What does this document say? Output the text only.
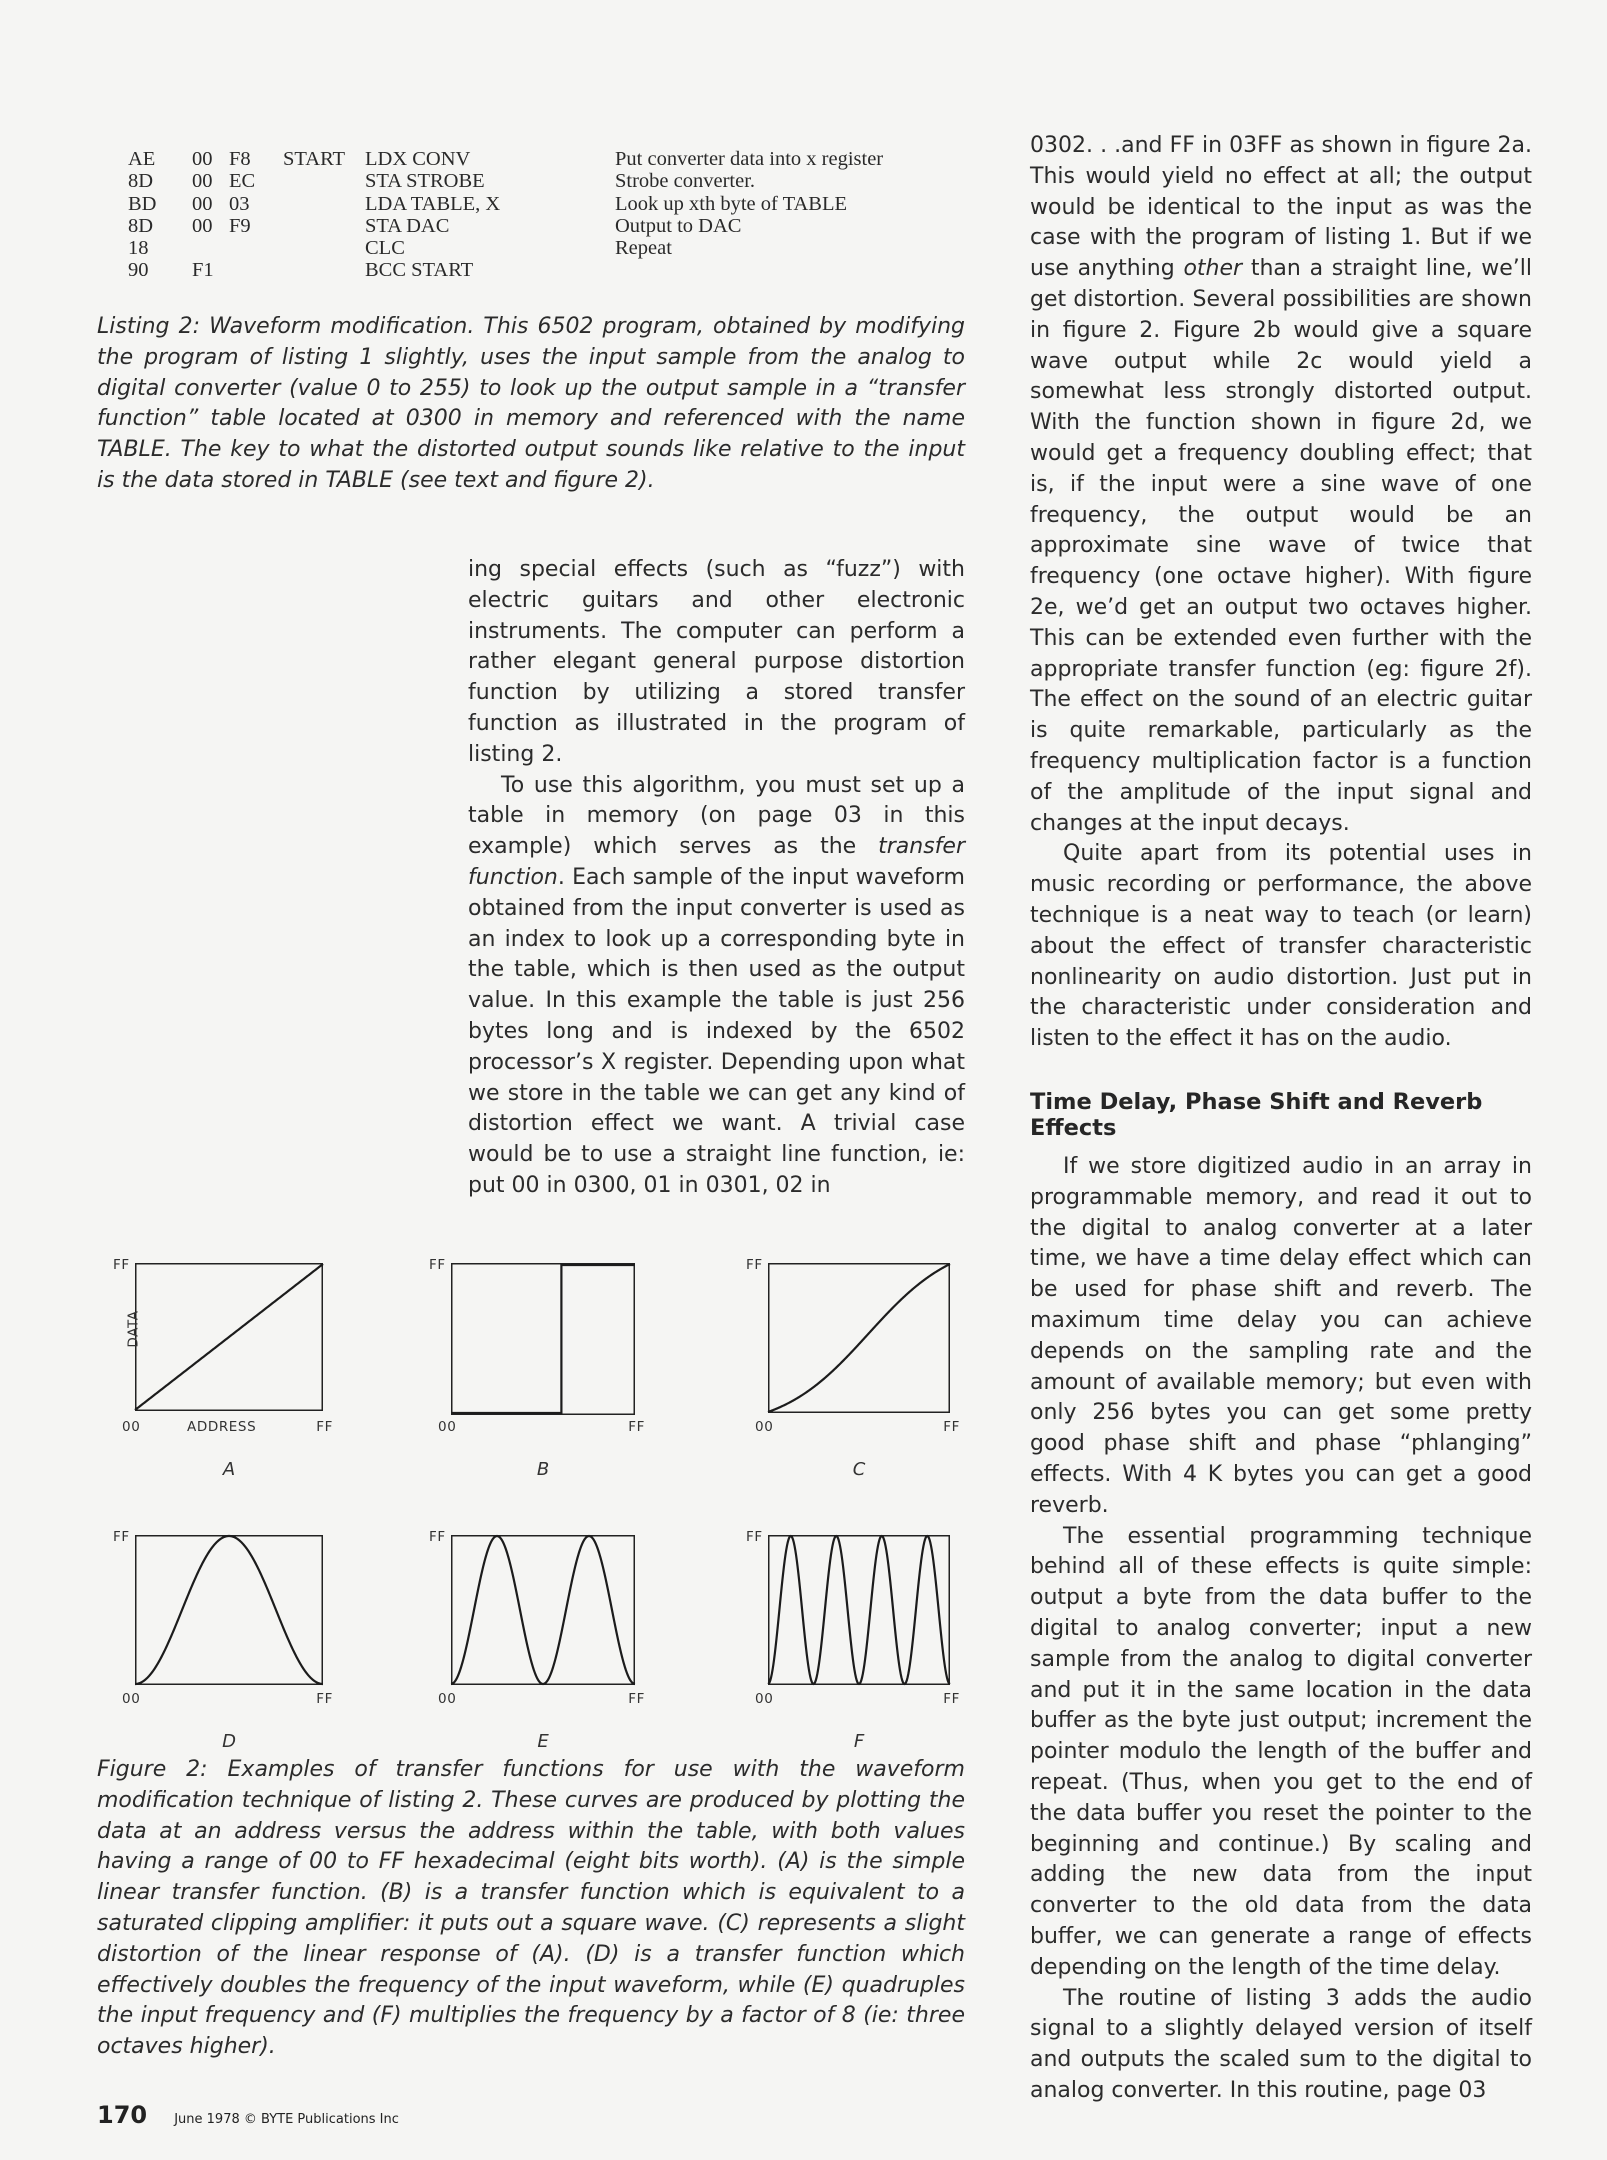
AE 00 F8 START LDX CONV	Put converter data into x register
8D 00 EC	STA STROBE	Strobe converter.
BD 00 03	LDA TABLE, X	Look up xth byte of TABLE
8D 00 F9	STA DAC	Output to DAC
18	CLC	Repeat
90 F1	BCC START

Listing 2: Waveform modification. This 6502 program, obtained by modifying the program of listing 1 slightly, uses the input sample from the analog to digital converter (value 0 to 255) to look up the output sample in a “transfer function” table located at 0300 in memory and referenced with the name TABLE. The key to what the distorted output sounds like relative to the input is the data stored in TABLE (see text and figure 2).

ing special effects (such as “fuzz”) with electric guitars and other electronic instruments. The computer can perform a rather elegant general purpose distortion function by utilizing a stored transfer function as illustrated in the program of listing 2.

To use this algorithm, you must set up a table in memory (on page 03 in this example) which serves as the transfer function. Each sample of the input waveform obtained from the input converter is used as an index to look up a corresponding byte in the table, which is then used as the output value. In this example the table is just 256 bytes long and is indexed by the 6502 processor’s X register. Depending upon what we store in the table we can get any kind of distortion effect we want. A trivial case would be to use a straight line function, ie: put 00 in 0300, 01 in 0301, 02 in

0302. . .and FF in 03FF as shown in figure 2a. This would yield no effect at all; the output would be identical to the input as was the case with the program of listing 1. But if we use anything other than a straight line, we’ll get distortion. Several possibilities are shown in figure 2. Figure 2b would give a square wave output while 2c would yield a somewhat less strongly distorted output. With the function shown in figure 2d, we would get a frequency doubling effect; that is, if the input were a sine wave of one frequency, the output would be an approximate sine wave of twice that frequency (one octave higher). With figure 2e, we’d get an output two octaves higher. This can be extended even further with the appropriate transfer function (eg: figure 2f). The effect on the sound of an electric guitar is quite remarkable, particularly as the frequency multiplication factor is a function of the amplitude of the input signal and changes at the input decays.

Quite apart from its potential uses in music recording or performance, the above technique is a neat way to teach (or learn) about the effect of transfer characteristic nonlinearity on audio distortion. Just put in the characteristic under consideration and listen to the effect it has on the audio.

Time Delay, Phase Shift and Reverb Effects

If we store digitized audio in an array in programmable memory, and read it out to the digital to analog converter at a later time, we have a time delay effect which can be used for phase shift and reverb. The maximum time delay you can achieve depends on the sampling rate and the amount of available memory; but even with only 256 bytes you can get some pretty good phase shift and phase “phlanging” effects. With 4 K bytes you can get a good reverb.

The essential programming technique behind all of these effects is quite simple: output a byte from the data buffer to the digital to analog converter; input a new sample from the analog to digital converter and put it in the same location in the data buffer as the byte just output; increment the pointer modulo the length of the buffer and repeat. (Thus, when you get to the end of the data buffer you reset the pointer to the beginning and continue.) By scaling and adding the new data from the input converter to the old data from the data buffer, we can generate a range of effects depending on the length of the time delay.

The routine of listing 3 adds the audio signal to a slightly delayed version of itself and outputs the scaled sum to the digital to analog converter. In this routine, page 03

FF
DATA
00	ADDRESS	FF
A
FF
00	FF
B
FF
00	FF
C
FF
00	FF
D
FF
00	FF
E
FF
00	FF
F

Figure 2: Examples of transfer functions for use with the waveform modification technique of listing 2. These curves are produced by plotting the data at an address versus the address within the table, with both values having a range of 00 to FF hexadecimal (eight bits worth). (A) is the simple linear transfer function. (B) is a transfer function which is equivalent to a saturated clipping amplifier: it puts out a square wave. (C) represents a slight distortion of the linear response of (A). (D) is a transfer function which effectively doubles the frequency of the input waveform, while (E) quadruples the input frequency and (F) multiplies the frequency by a factor of 8 (ie: three octaves higher).

170 June 1978 © BYTE Publications Inc
